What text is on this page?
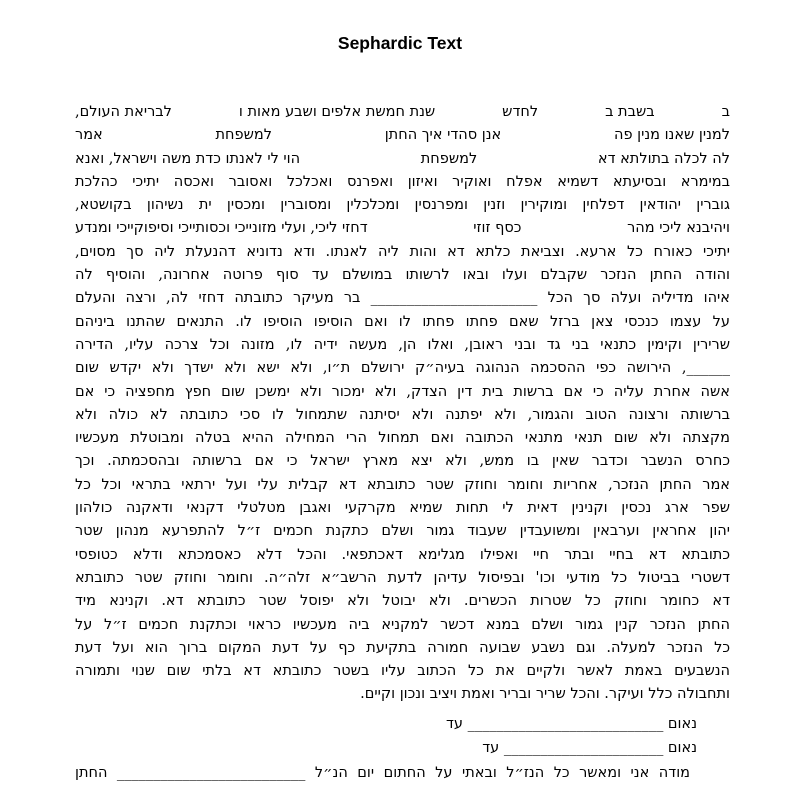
Sephardic Text
ב
בשבת ב
לחדש
שנת חמשת אלפים ושבע מאות ו
לבריאת העולם,
למנין שאנו מנין פה
אנן סהדי איך החתן
למשפחת
אמר
לה לכלה בתולתא דא
למשפחת
הוי לי לאנתו כדת משה וישראל, ואנא
במימרא ובסיעתא דשמיא אפלח ואוקיר ואיזון ואפרנס ואכלכל ואסובר ואכסה יתיכי כהלכת
גוברין יהודאין דפלחין ומוקירין וזנין ומפרנסין ומכלכלין ומסוברין ומכסין ית נשיהון בקושטא,
ויהיבנא ליכי מהר
כסף זוזי
דחזי ליכי, ועלי מזונייכי וכסותייכי וסיפוקייכי ומנדע
יתיכי כאורח כל ארעא. וצביאת כלתא דא והות ליה לאנתו. ודא נדוניא דהנעלת ליה סך מסוים,
והודה החתן הנזכר שקבלם ועלו ובאו לרשותו במושלם עד סוף פרוטה אחרונה, והוסיף לה
איהו מדיליה ועלה סך הכל _______________________ בר מעיקר כתובתה דחזי לה, ורצה והעלם
על עצמו כנכסי צאן ברזל שאם פחתו פחתו לו ואם הוסיפו הוסיפו לו. התנאים שהתנו ביניהם
שרירין וקימין כתנאי בני גד ובני ראובן, ואלו הן, מעשה ידיה לו, מזונה וכל צרכה עליו, הדירה
______, הירושה כפי ההסכמה הנהוגה בעיה״ק ירושלם ת״ו, ולא ישא ולא ישדך ולא יקדש שום
אשה אחרת עליה כי אם ברשות בית דין הצדק, ולא ימכור ולא ימשכן שום חפץ מחפציה כי אם
ברשותה ורצונה הטוב והגמור, ולא יפתנה ולא יסיתנה שתמחול לו סכי כתובתה לא כולה ולא
מקצתה ולא שום תנאי מתנאי הכתובה ואם תמחול הרי המחילה ההיא בטלה ומבוטלת מעכשיו
כחרס הנשבר וכדבר שאין בו ממש, ולא יצא מארץ ישראל כי אם ברשותה ובהסכמתה. וכך
אמר החתן הנזכר, אחריות וחומר וחוזק שטר כתובתא דא קבלית עלי ועל ירתאי בתראי וכל כל
שפר ארג נכסין וקנינין דאית לי תחות שמיא מקרקעי ואגבן מטלטלי דקנאי ודאקנה כולהון
יהון אחראין וערבאין ומשועבדין שעבוד גמור ושלם כתקנת חכמים ז״ל להתפרעא מנהון שטר
כתובתא דא בחיי ובתר חיי ואפילו מגלימא דאכתפאי. והכל דלא כאסמכתא ודלא כטופסי
דשטרי בביטול כל מודעי וכו' ובפיסול עדיהן לדעת הרשב״א זלה״ה. וחומר וחוזק שטר כתובתא
דא כחומר וחוזק כל שטרות הכשרים. ולא יבוטל ולא יפוסל שטר כתובתא דא. וקנינא מיד
החתן הנזכר קנין גמור ושלם במנא דכשר למקניא ביה מעכשיו כראוי וכתקנת חכמים ז״ל על
כל הנזכר למעלה. וגם נשבע שבועה חמורה בתקיעת כף על דעת המקום ברוך הוא ועל דעת
הנשבעים באמת לאשר ולקיים את כל הכתוב עליו בשטר כתובתא דא בלתי שום שנוי ותמורה
ותחבולה כלל ועיקר. והכל שריר ובריר ואמת ויציב ונכון וקיים.
נאום ___________________________ עד
נאום ______________________ עד
מודה אני ומאשר כל הנז״ל ובאתי על החתום יום הנ״ל __________________________ החתן
